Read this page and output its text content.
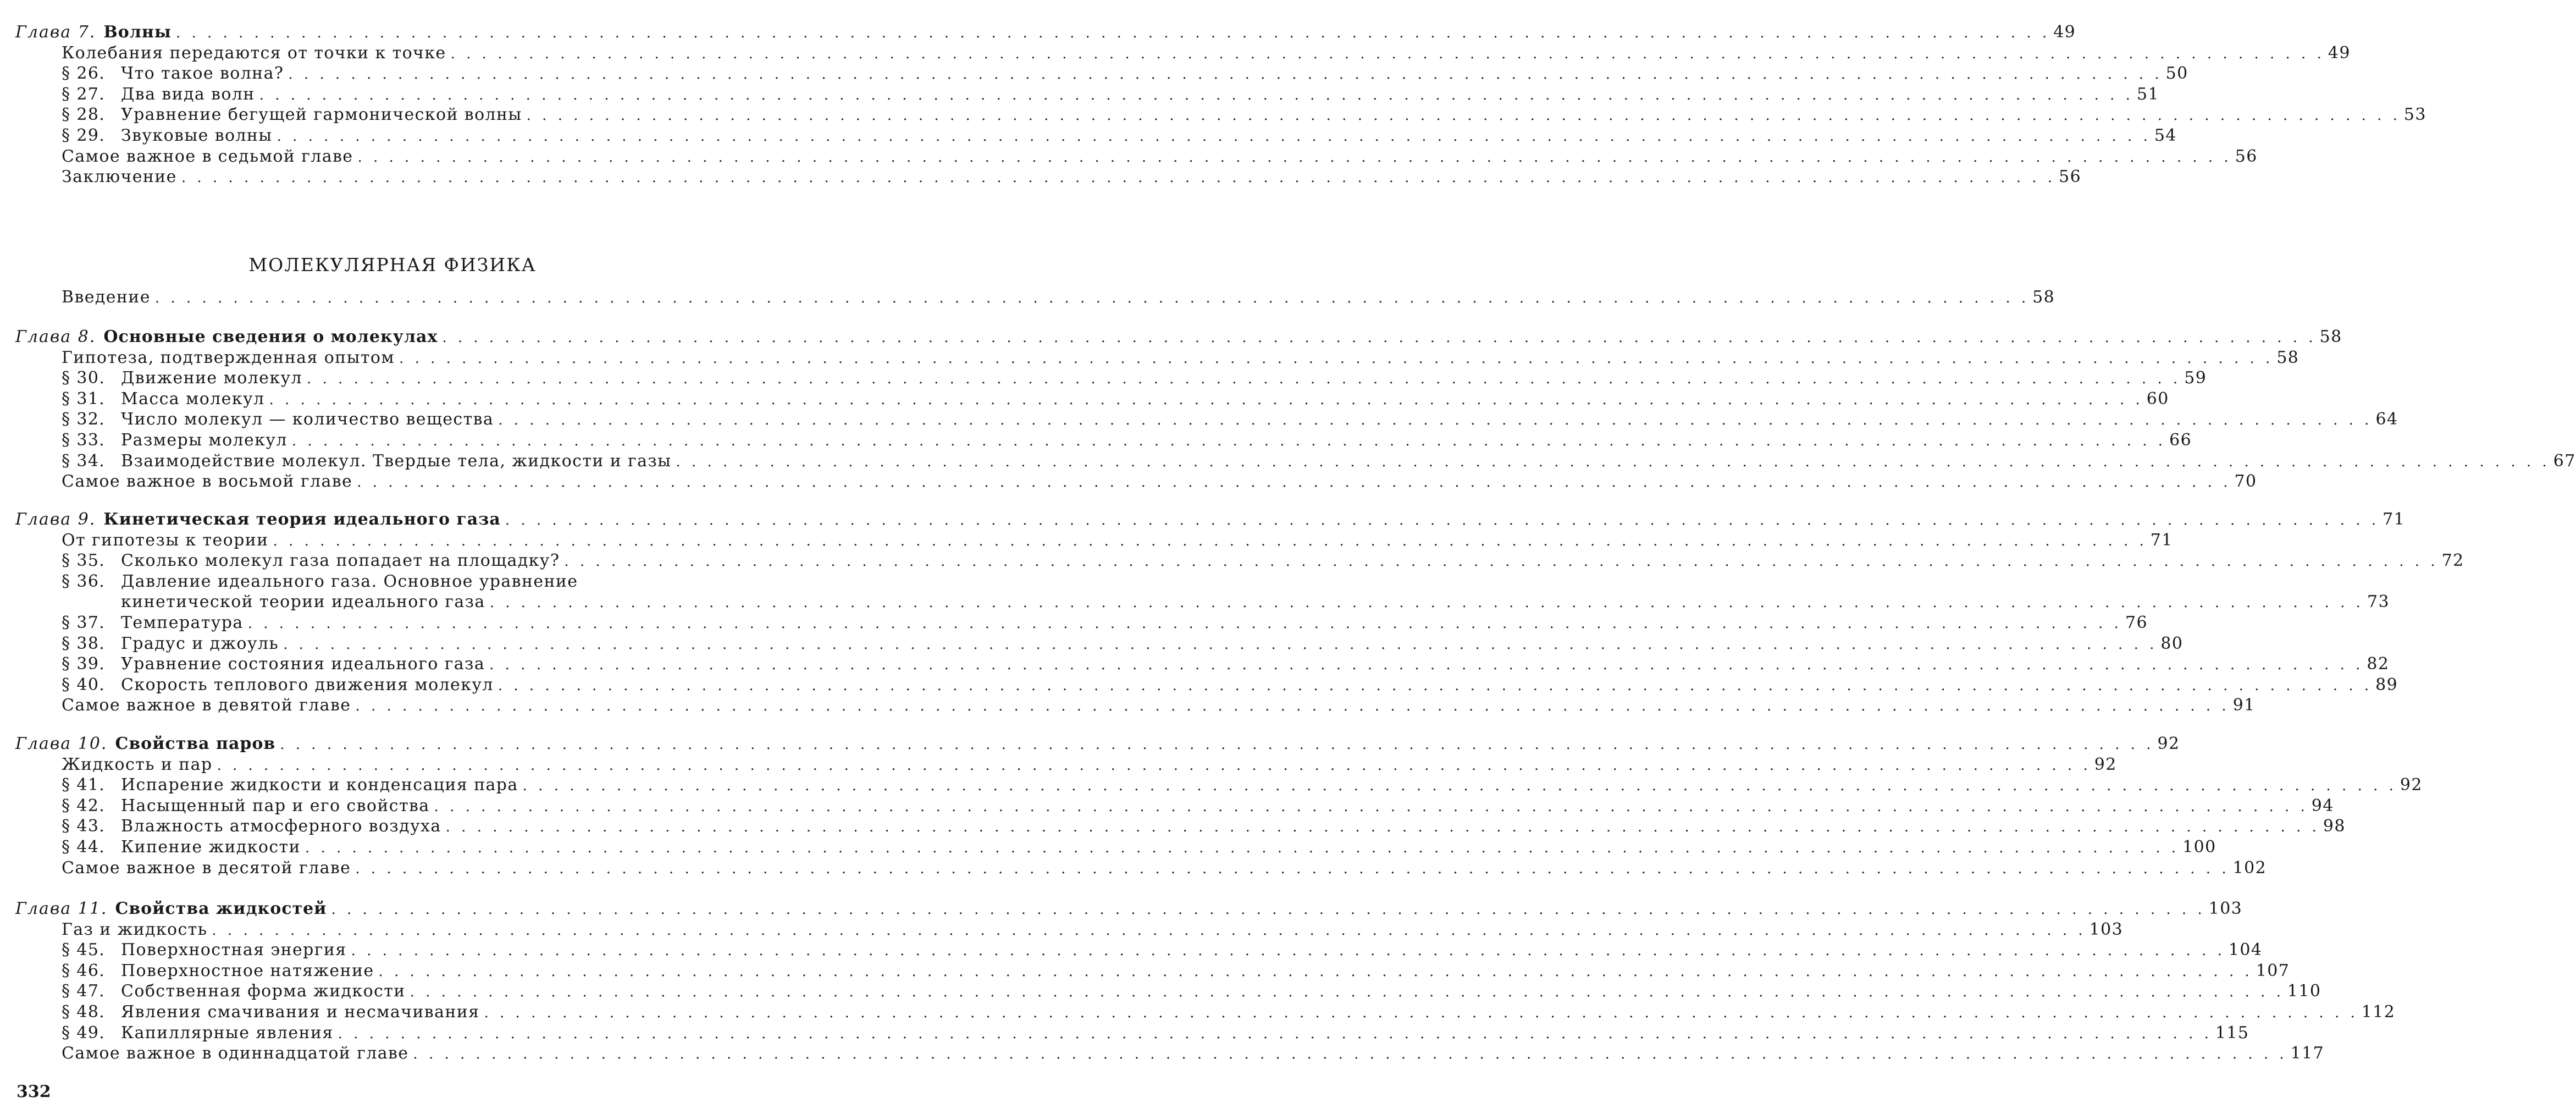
МОЛЕКУЛЯРНАЯ ФИЗИКА
332
Глава 7. Волны . . . . . . . . . . . . . . . . . . . . . . . . . . . . . . . . . . . . . . . . . . . . . . . . . . . . . . . . . . . . . . . . . . . . . . . . . . . . . . . . . . . . . . . . . . . . . . . . . . . . . . . . . . . . . . . . . . . . . . . . 49
Колебания передаются от точки к точке . . . . . . . . . . . . . . . . . . . . . . . . . . . . . . . . . . . . . . . . . . . . . . . . . . . . . . . . . . . . . . . . . . . . . . . . . . . . . . . . . . . . . . . . . . . . . . . . . . . . . . . . . . . . . . . . . . . . . . . . 49
§ 26. Что такое волна? . . . . . . . . . . . . . . . . . . . . . . . . . . . . . . . . . . . . . . . . . . . . . . . . . . . . . . . . . . . . . . . . . . . . . . . . . . . . . . . . . . . . . . . . . . . . . . . . . . . . . . . . . . . . . . . . . . . . . . . . 50
§ 27. Два вида волн . . . . . . . . . . . . . . . . . . . . . . . . . . . . . . . . . . . . . . . . . . . . . . . . . . . . . . . . . . . . . . . . . . . . . . . . . . . . . . . . . . . . . . . . . . . . . . . . . . . . . . . . . . . . . . . . . . . . . . . . 51
§ 28. Уравнение бегущей гармонической волны . . . . . . . . . . . . . . . . . . . . . . . . . . . . . . . . . . . . . . . . . . . . . . . . . . . . . . . . . . . . . . . . . . . . . . . . . . . . . . . . . . . . . . . . . . . . . . . . . . . . . . . . . . . . . . . . . . . . . . . . 53
§ 29. Звуковые волны . . . . . . . . . . . . . . . . . . . . . . . . . . . . . . . . . . . . . . . . . . . . . . . . . . . . . . . . . . . . . . . . . . . . . . . . . . . . . . . . . . . . . . . . . . . . . . . . . . . . . . . . . . . . . . . . . . . . . . . . 54
Самое важное в седьмой главе . . . . . . . . . . . . . . . . . . . . . . . . . . . . . . . . . . . . . . . . . . . . . . . . . . . . . . . . . . . . . . . . . . . . . . . . . . . . . . . . . . . . . . . . . . . . . . . . . . . . . . . . . . . . . . . . . . . . . . . . 56
Заключение . . . . . . . . . . . . . . . . . . . . . . . . . . . . . . . . . . . . . . . . . . . . . . . . . . . . . . . . . . . . . . . . . . . . . . . . . . . . . . . . . . . . . . . . . . . . . . . . . . . . . . . . . . . . . . . . . . . . . . . . 56
Введение . . . . . . . . . . . . . . . . . . . . . . . . . . . . . . . . . . . . . . . . . . . . . . . . . . . . . . . . . . . . . . . . . . . . . . . . . . . . . . . . . . . . . . . . . . . . . . . . . . . . . . . . . . . . . . . . . . . . . . . . 58
Глава 8. Основные сведения о молекулах . . . . . . . . . . . . . . . . . . . . . . . . . . . . . . . . . . . . . . . . . . . . . . . . . . . . . . . . . . . . . . . . . . . . . . . . . . . . . . . . . . . . . . . . . . . . . . . . . . . . . . . . . . . . . . . . . . . . . . . . 58
Гипотеза, подтвержденная опытом . . . . . . . . . . . . . . . . . . . . . . . . . . . . . . . . . . . . . . . . . . . . . . . . . . . . . . . . . . . . . . . . . . . . . . . . . . . . . . . . . . . . . . . . . . . . . . . . . . . . . . . . . . . . . . . . . . . . . . . . 58
§ 30. Движение молекул . . . . . . . . . . . . . . . . . . . . . . . . . . . . . . . . . . . . . . . . . . . . . . . . . . . . . . . . . . . . . . . . . . . . . . . . . . . . . . . . . . . . . . . . . . . . . . . . . . . . . . . . . . . . . . . . . . . . . . . . 59
§ 31. Масса молекул . . . . . . . . . . . . . . . . . . . . . . . . . . . . . . . . . . . . . . . . . . . . . . . . . . . . . . . . . . . . . . . . . . . . . . . . . . . . . . . . . . . . . . . . . . . . . . . . . . . . . . . . . . . . . . . . . . . . . . . . 60
§ 32. Число молекул — количество вещества . . . . . . . . . . . . . . . . . . . . . . . . . . . . . . . . . . . . . . . . . . . . . . . . . . . . . . . . . . . . . . . . . . . . . . . . . . . . . . . . . . . . . . . . . . . . . . . . . . . . . . . . . . . . . . . . . . . . . . . . 64
§ 33. Размеры молекул . . . . . . . . . . . . . . . . . . . . . . . . . . . . . . . . . . . . . . . . . . . . . . . . . . . . . . . . . . . . . . . . . . . . . . . . . . . . . . . . . . . . . . . . . . . . . . . . . . . . . . . . . . . . . . . . . . . . . . . . 66
§ 34. Взаимодействие молекул. Твердые тела, жидкости и газы . . . . . . . . . . . . . . . . . . . . . . . . . . . . . . . . . . . . . . . . . . . . . . . . . . . . . . . . . . . . . . . . . . . . . . . . . . . . . . . . . . . . . . . . . . . . . . . . . . . . . . . . . . . . . . . . . . . . . . . . 67
Самое важное в восьмой главе . . . . . . . . . . . . . . . . . . . . . . . . . . . . . . . . . . . . . . . . . . . . . . . . . . . . . . . . . . . . . . . . . . . . . . . . . . . . . . . . . . . . . . . . . . . . . . . . . . . . . . . . . . . . . . . . . . . . . . . . 70
Глава 9. Кинетическая теория идеального газа . . . . . . . . . . . . . . . . . . . . . . . . . . . . . . . . . . . . . . . . . . . . . . . . . . . . . . . . . . . . . . . . . . . . . . . . . . . . . . . . . . . . . . . . . . . . . . . . . . . . . . . . . . . . . . . . . . . . . . . . 71
От гипотезы к теории . . . . . . . . . . . . . . . . . . . . . . . . . . . . . . . . . . . . . . . . . . . . . . . . . . . . . . . . . . . . . . . . . . . . . . . . . . . . . . . . . . . . . . . . . . . . . . . . . . . . . . . . . . . . . . . . . . . . . . . . 71
§ 35. Сколько молекул газа попадает на площадку? . . . . . . . . . . . . . . . . . . . . . . . . . . . . . . . . . . . . . . . . . . . . . . . . . . . . . . . . . . . . . . . . . . . . . . . . . . . . . . . . . . . . . . . . . . . . . . . . . . . . . . . . . . . . . . . . . . . . . . . . 72
§ 36. Давление идеального газа. Основное уравнение
кинетической теории идеального газа . . . . . . . . . . . . . . . . . . . . . . . . . . . . . . . . . . . . . . . . . . . . . . . . . . . . . . . . . . . . . . . . . . . . . . . . . . . . . . . . . . . . . . . . . . . . . . . . . . . . . . . . . . . . . . . . . . . . . . . . 73
§ 37. Температура . . . . . . . . . . . . . . . . . . . . . . . . . . . . . . . . . . . . . . . . . . . . . . . . . . . . . . . . . . . . . . . . . . . . . . . . . . . . . . . . . . . . . . . . . . . . . . . . . . . . . . . . . . . . . . . . . . . . . . . . 76
§ 38. Градус и джоуль . . . . . . . . . . . . . . . . . . . . . . . . . . . . . . . . . . . . . . . . . . . . . . . . . . . . . . . . . . . . . . . . . . . . . . . . . . . . . . . . . . . . . . . . . . . . . . . . . . . . . . . . . . . . . . . . . . . . . . . . 80
§ 39. Уравнение состояния идеального газа . . . . . . . . . . . . . . . . . . . . . . . . . . . . . . . . . . . . . . . . . . . . . . . . . . . . . . . . . . . . . . . . . . . . . . . . . . . . . . . . . . . . . . . . . . . . . . . . . . . . . . . . . . . . . . . . . . . . . . . . 82
§ 40. Скорость теплового движения молекул . . . . . . . . . . . . . . . . . . . . . . . . . . . . . . . . . . . . . . . . . . . . . . . . . . . . . . . . . . . . . . . . . . . . . . . . . . . . . . . . . . . . . . . . . . . . . . . . . . . . . . . . . . . . . . . . . . . . . . . . 89
Самое важное в девятой главе . . . . . . . . . . . . . . . . . . . . . . . . . . . . . . . . . . . . . . . . . . . . . . . . . . . . . . . . . . . . . . . . . . . . . . . . . . . . . . . . . . . . . . . . . . . . . . . . . . . . . . . . . . . . . . . . . . . . . . . . 91
Глава 10. Свойства паров . . . . . . . . . . . . . . . . . . . . . . . . . . . . . . . . . . . . . . . . . . . . . . . . . . . . . . . . . . . . . . . . . . . . . . . . . . . . . . . . . . . . . . . . . . . . . . . . . . . . . . . . . . . . . . . . . . . . . . . . 92
Жидкость и пар . . . . . . . . . . . . . . . . . . . . . . . . . . . . . . . . . . . . . . . . . . . . . . . . . . . . . . . . . . . . . . . . . . . . . . . . . . . . . . . . . . . . . . . . . . . . . . . . . . . . . . . . . . . . . . . . . . . . . . . . 92
§ 41. Испарение жидкости и конденсация пара . . . . . . . . . . . . . . . . . . . . . . . . . . . . . . . . . . . . . . . . . . . . . . . . . . . . . . . . . . . . . . . . . . . . . . . . . . . . . . . . . . . . . . . . . . . . . . . . . . . . . . . . . . . . . . . . . . . . . . . . 92
§ 42. Насыщенный пар и его свойства . . . . . . . . . . . . . . . . . . . . . . . . . . . . . . . . . . . . . . . . . . . . . . . . . . . . . . . . . . . . . . . . . . . . . . . . . . . . . . . . . . . . . . . . . . . . . . . . . . . . . . . . . . . . . . . . . . . . . . . . 94
§ 43. Влажность атмосферного воздуха . . . . . . . . . . . . . . . . . . . . . . . . . . . . . . . . . . . . . . . . . . . . . . . . . . . . . . . . . . . . . . . . . . . . . . . . . . . . . . . . . . . . . . . . . . . . . . . . . . . . . . . . . . . . . . . . . . . . . . . . 98
§ 44. Кипение жидкости . . . . . . . . . . . . . . . . . . . . . . . . . . . . . . . . . . . . . . . . . . . . . . . . . . . . . . . . . . . . . . . . . . . . . . . . . . . . . . . . . . . . . . . . . . . . . . . . . . . . . . . . . . . . . . . . . . . . . . . . 100
Самое важное в десятой главе . . . . . . . . . . . . . . . . . . . . . . . . . . . . . . . . . . . . . . . . . . . . . . . . . . . . . . . . . . . . . . . . . . . . . . . . . . . . . . . . . . . . . . . . . . . . . . . . . . . . . . . . . . . . . . . . . . . . . . . . 102
Глава 11. Свойства жидкостей . . . . . . . . . . . . . . . . . . . . . . . . . . . . . . . . . . . . . . . . . . . . . . . . . . . . . . . . . . . . . . . . . . . . . . . . . . . . . . . . . . . . . . . . . . . . . . . . . . . . . . . . . . . . . . . . . . . . . . . . 103
Газ и жидкость . . . . . . . . . . . . . . . . . . . . . . . . . . . . . . . . . . . . . . . . . . . . . . . . . . . . . . . . . . . . . . . . . . . . . . . . . . . . . . . . . . . . . . . . . . . . . . . . . . . . . . . . . . . . . . . . . . . . . . . . 103
§ 45. Поверхностная энергия . . . . . . . . . . . . . . . . . . . . . . . . . . . . . . . . . . . . . . . . . . . . . . . . . . . . . . . . . . . . . . . . . . . . . . . . . . . . . . . . . . . . . . . . . . . . . . . . . . . . . . . . . . . . . . . . . . . . . . . . 104
§ 46. Поверхностное натяжение . . . . . . . . . . . . . . . . . . . . . . . . . . . . . . . . . . . . . . . . . . . . . . . . . . . . . . . . . . . . . . . . . . . . . . . . . . . . . . . . . . . . . . . . . . . . . . . . . . . . . . . . . . . . . . . . . . . . . . . . 107
§ 47. Собственная форма жидкости . . . . . . . . . . . . . . . . . . . . . . . . . . . . . . . . . . . . . . . . . . . . . . . . . . . . . . . . . . . . . . . . . . . . . . . . . . . . . . . . . . . . . . . . . . . . . . . . . . . . . . . . . . . . . . . . . . . . . . . . 110
§ 48. Явления смачивания и несмачивания . . . . . . . . . . . . . . . . . . . . . . . . . . . . . . . . . . . . . . . . . . . . . . . . . . . . . . . . . . . . . . . . . . . . . . . . . . . . . . . . . . . . . . . . . . . . . . . . . . . . . . . . . . . . . . . . . . . . . . . . 112
§ 49. Капиллярные явления . . . . . . . . . . . . . . . . . . . . . . . . . . . . . . . . . . . . . . . . . . . . . . . . . . . . . . . . . . . . . . . . . . . . . . . . . . . . . . . . . . . . . . . . . . . . . . . . . . . . . . . . . . . . . . . . . . . . . . . . 115
Самое важное в одиннадцатой главе . . . . . . . . . . . . . . . . . . . . . . . . . . . . . . . . . . . . . . . . . . . . . . . . . . . . . . . . . . . . . . . . . . . . . . . . . . . . . . . . . . . . . . . . . . . . . . . . . . . . . . . . . . . . . . . . . . . . . . . . 117
